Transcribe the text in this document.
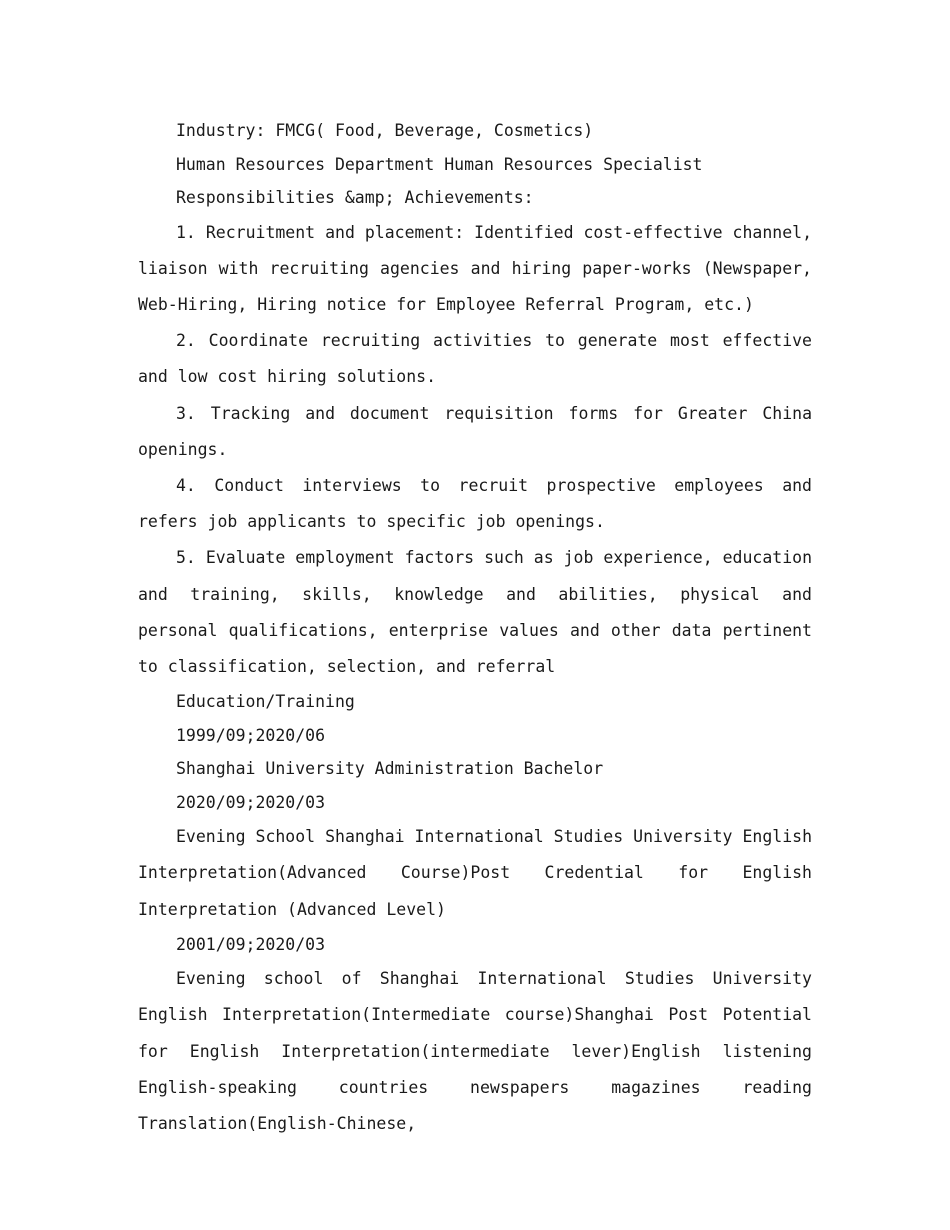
Industry: FMCG( Food, Beverage, Cosmetics)

Human Resources Department Human Resources Specialist

Responsibilities &amp; Achievements:

1. Recruitment and placement: Identified cost-effective channel, liaison with recruiting agencies and hiring paper-works (Newspaper, Web-Hiring, Hiring notice for Employee Referral Program, etc.)

2. Coordinate recruiting activities to generate most effective and low cost hiring solutions.

3. Tracking and document requisition forms for Greater China openings.

4. Conduct interviews to recruit prospective employees and refers job applicants to specific job openings.

5. Evaluate employment factors such as job experience, education and training, skills, knowledge and abilities, physical and personal qualifications, enterprise values and other data pertinent to classification, selection, and referral

Education/Training

1999/09;2020/06

Shanghai University Administration Bachelor

2020/09;2020/03

Evening School Shanghai International Studies University English Interpretation(Advanced Course)Post Credential for English Interpretation (Advanced Level)

2001/09;2020/03

Evening school of Shanghai International Studies University English Interpretation(Intermediate course)Shanghai Post Potential for English Interpretation(intermediate lever)English listening English-speaking countries newspapers magazines reading Translation(English-Chinese,
